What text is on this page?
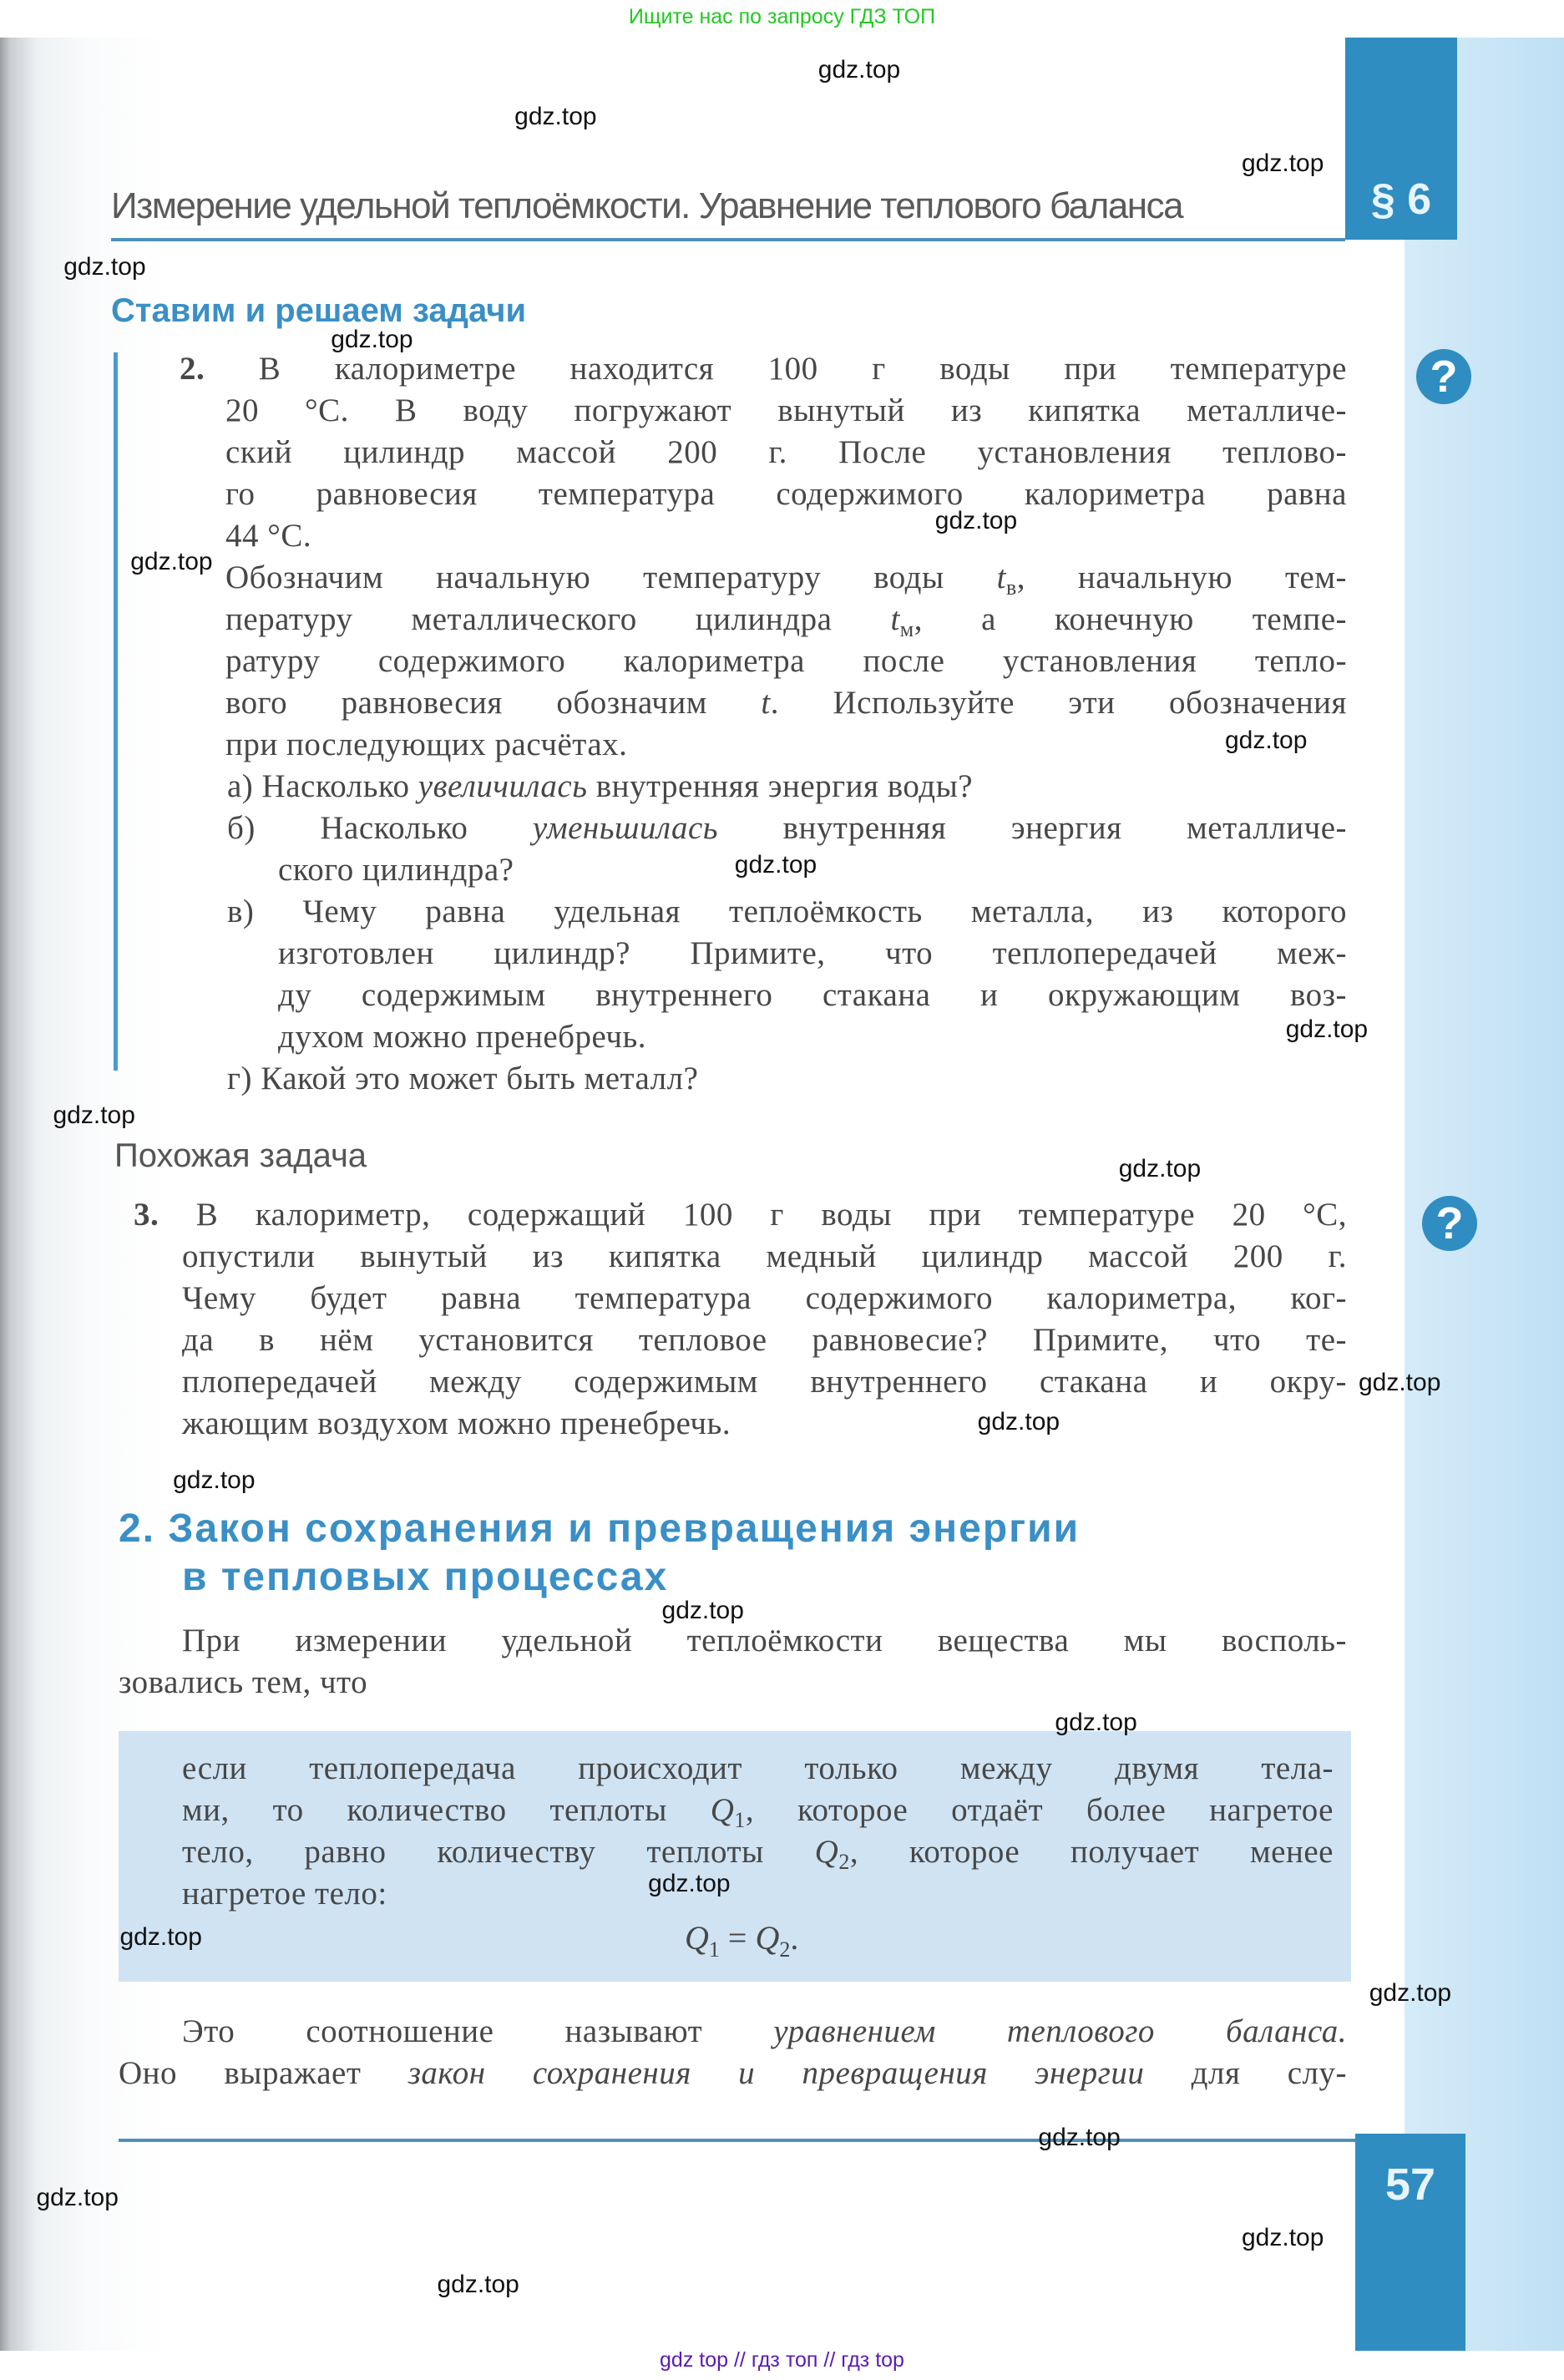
Ищите нас по запросу ГДЗ ТОП
§ 6
Измерение удельной теплоёмкости. Уравнение теплового баланса
Ставим и решаем задачи
?
?
2. В калориметре находится 100 г воды при температуре
20 °С. В воду погружают вынутый из кипятка металличе-
ский цилиндр массой 200 г. После установления теплово-
го равновесия температура содержимого калориметра равна
44 °С.
Обозначим начальную температуру воды $t_в$, начальную тем-
пературу металлического цилиндра $t_м$, а конечную темпе-
ратуру содержимого калориметра после установления тепло-
вого равновесия обозначим t. Используйте эти обозначения
при последующих расчётах.
а) Насколько увеличилась внутренняя энергия воды?
б) Насколько уменьшилась внутренняя энергия металличе-
ского цилиндра?
в) Чему равна удельная теплоёмкость металла, из которого
изготовлен цилиндр? Примите, что теплопередачей меж-
ду содержимым внутреннего стакана и окружающим воз-
духом можно пренебречь.
г) Какой это может быть металл?
Похожая задача
3. В калориметр, содержащий 100 г воды при температуре 20 °С,
опустили вынутый из кипятка медный цилиндр массой 200 г.
Чему будет равна температура содержимого калориметра, ког-
да в нём установится тепловое равновесие? Примите, что те-
плопередачей между содержимым внутреннего стакана и окру-
жающим воздухом можно пренебречь.
2. Закон сохранения и превращения энергии
в тепловых процессах
При измерении удельной теплоёмкости вещества мы восполь-
зовались тем, что
если теплопередача происходит только между двумя тела-
ми, то количество теплоты $Q_1$, которое отдаёт более нагретое
тело, равно количеству теплоты $Q_2$, которое получает менее
нагретое тело:
$Q_1 = Q_2$.
Это соотношение называют уравнением теплового баланса.
Оно выражает закон сохранения и превращения энергии для слу-
57
gdz.top
gdz.top
gdz.top
gdz.top
gdz.top
gdz.top
gdz.top
gdz.top
gdz.top
gdz.top
gdz.top
gdz.top
gdz.top
gdz.top
gdz.top
gdz.top
gdz.top
gdz.top
gdz.top
gdz.top
gdz.top
gdz.top
gdz.top
gdz.top
gdz top // гдз топ // гдз top
